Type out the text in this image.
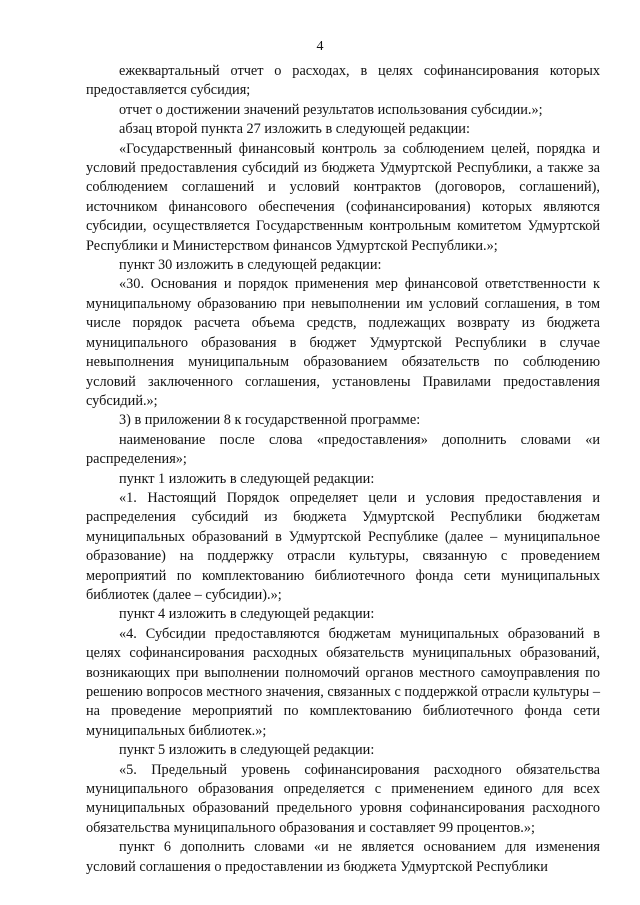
4

ежеквартальный отчет о расходах, в целях софинансирования которых предоставляется субсидия;

отчет о достижении значений результатов использования субсидии.»;

абзац второй пункта 27 изложить в следующей редакции:

«Государственный финансовый контроль за соблюдением целей, порядка и условий предоставления субсидий из бюджета Удмуртской Республики, а также за соблюдением соглашений и условий контрактов (договоров, соглашений), источником финансового обеспечения (софинансирования) которых являются субсидии, осуществляется Государственным контрольным комитетом Удмуртской Республики и Министерством финансов Удмуртской Республики.»;

пункт 30 изложить в следующей редакции:

«30. Основания и порядок применения мер финансовой ответственности к муниципальному образованию при невыполнении им условий соглашения, в том числе порядок расчета объема средств, подлежащих возврату из бюджета муниципального образования в бюджет Удмуртской Республики в случае невыполнения муниципальным образованием обязательств по соблюдению условий заключенного соглашения, установлены Правилами предоставления субсидий.»;

3) в приложении 8 к государственной программе:

наименование после слова «предоставления» дополнить словами «и распределения»;

пункт 1 изложить в следующей редакции:

«1. Настоящий Порядок определяет цели и условия предоставления и распределения субсидий из бюджета Удмуртской Республики бюджетам муниципальных образований в Удмуртской Республике (далее – муниципальное образование) на поддержку отрасли культуры, связанную с проведением мероприятий по комплектованию библиотечного фонда сети муниципальных библиотек (далее – субсидии).»;

пункт 4 изложить в следующей редакции:

«4. Субсидии предоставляются бюджетам муниципальных образований в целях софинансирования расходных обязательств муниципальных образований, возникающих при выполнении полномочий органов местного самоуправления по решению вопросов местного значения, связанных с поддержкой отрасли культуры – на проведение мероприятий по комплектованию библиотечного фонда сети муниципальных библиотек.»;

пункт 5 изложить в следующей редакции:

«5. Предельный уровень софинансирования расходного обязательства муниципального образования определяется с применением единого для всех муниципальных образований предельного уровня софинансирования расходного обязательства муниципального образования и составляет 99 процентов.»;

пункт 6 дополнить словами «и не является основанием для изменения условий соглашения о предоставлении из бюджета Удмуртской Республики
